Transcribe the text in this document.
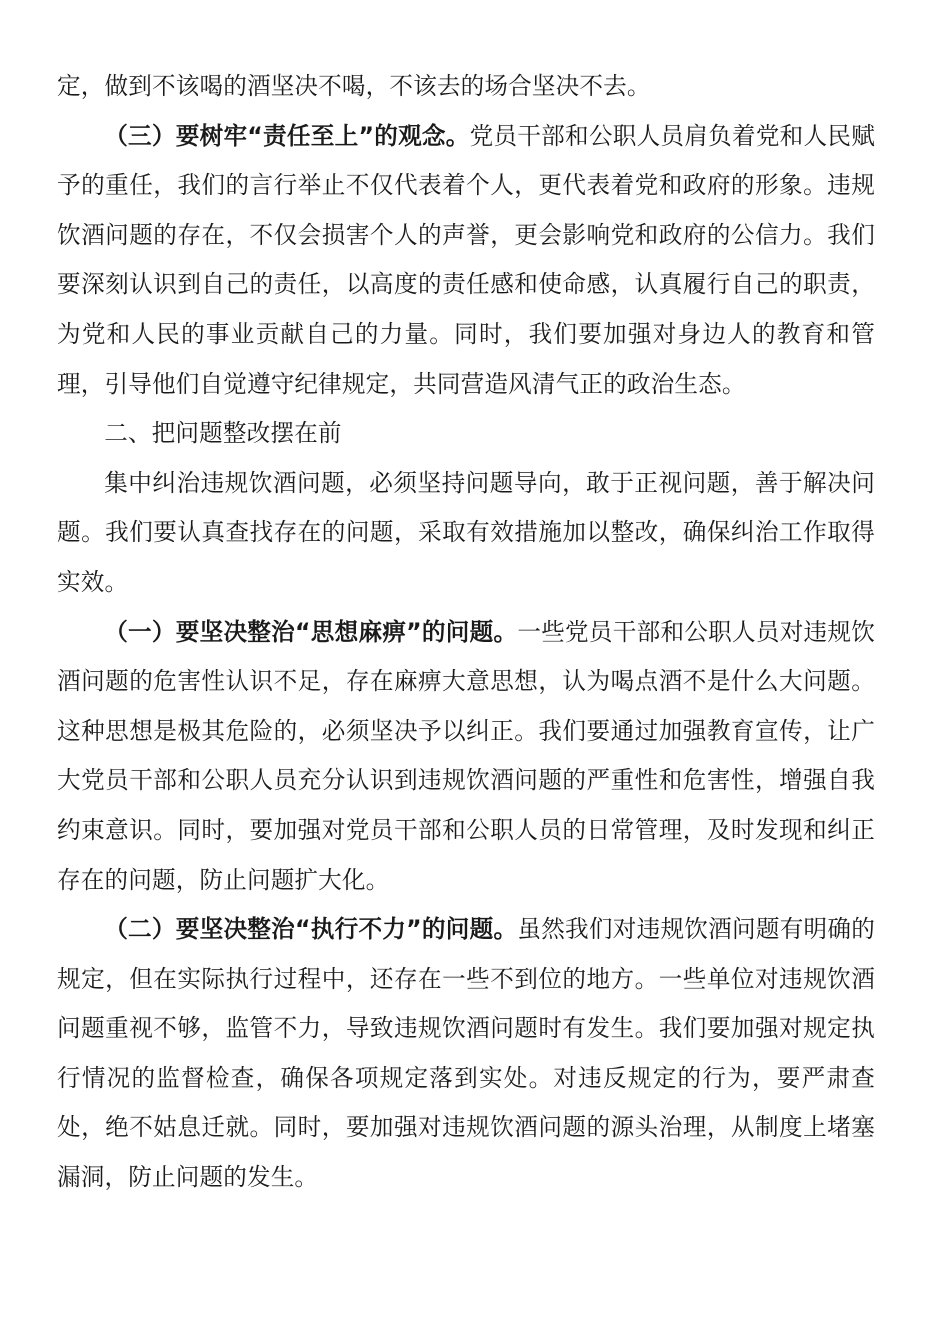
定，做到不该喝的酒坚决不喝，不该去的场合坚决不去。

（三）要树牢“责任至上”的观念。党员干部和公职人员肩负着党和人民赋予的重任，我们的言行举止不仅代表着个人，更代表着党和政府的形象。违规饮酒问题的存在，不仅会损害个人的声誉，更会影响党和政府的公信力。我们要深刻认识到自己的责任，以高度的责任感和使命感，认真履行自己的职责，为党和人民的事业贡献自己的力量。同时，我们要加强对身边人的教育和管理，引导他们自觉遵守纪律规定，共同营造风清气正的政治生态。

二、把问题整改摆在前

集中纠治违规饮酒问题，必须坚持问题导向，敢于正视问题，善于解决问题。我们要认真查找存在的问题，采取有效措施加以整改，确保纠治工作取得实效。

（一）要坚决整治“思想麻痹”的问题。一些党员干部和公职人员对违规饮酒问题的危害性认识不足，存在麻痹大意思想，认为喝点酒不是什么大问题。这种思想是极其危险的，必须坚决予以纠正。我们要通过加强教育宣传，让广大党员干部和公职人员充分认识到违规饮酒问题的严重性和危害性，增强自我约束意识。同时，要加强对党员干部和公职人员的日常管理，及时发现和纠正存在的问题，防止问题扩大化。

（二）要坚决整治“执行不力”的问题。虽然我们对违规饮酒问题有明确的规定，但在实际执行过程中，还存在一些不到位的地方。一些单位对违规饮酒问题重视不够，监管不力，导致违规饮酒问题时有发生。我们要加强对规定执行情况的监督检查，确保各项规定落到实处。对违反规定的行为，要严肃查处，绝不姑息迁就。同时，要加强对违规饮酒问题的源头治理，从制度上堵塞漏洞，防止问题的发生。
